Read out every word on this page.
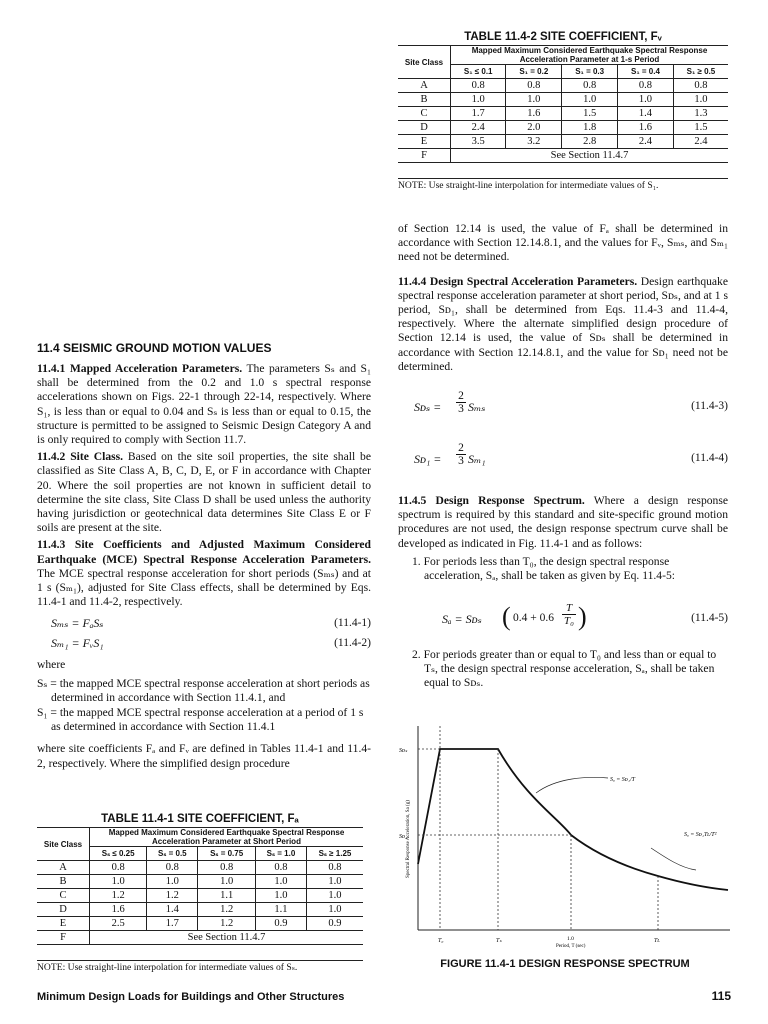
TABLE 11.4-2 SITE COEFFICIENT, Fᵥ
Site Class	Mapped Maximum Considered Earthquake Spectral Response Acceleration Parameter at 1-s Period				
	S₁ ≤ 0.1	S₁ = 0.2	S₁ = 0.3	S₁ = 0.4	S₁ ≥ 0.5
A	0.8	0.8	0.8	0.8	0.8
B	1.0	1.0	1.0	1.0	1.0
C	1.7	1.6	1.5	1.4	1.3
D	2.4	2.0	1.8	1.6	1.5
E	3.5	3.2	2.8	2.4	2.4
F	See Section 11.4.7				
NOTE: Use straight-line interpolation for intermediate values of S₁.
11.4 SEISMIC GROUND MOTION VALUES

11.4.1 Mapped Acceleration Parameters. The parameters Sₛ and S₁ shall be determined from the 0.2 and 1.0 s spectral response accelerations shown on Figs. 22-1 through 22-14, respectively. Where S₁, is less than or equal to 0.04 and Sₛ is less than or equal to 0.15, the structure is permitted to be assigned to Seismic Design Category A and is only required to comply with Section 11.7.

11.4.2 Site Class. Based on the site soil properties, the site shall be classified as Site Class A, B, C, D, E, or F in accordance with Chapter 20. Where the soil properties are not known in sufficient detail to determine the site class, Site Class D shall be used unless the authority having jurisdiction or geotechnical data determines Site Class E or F soils are present at the site.

11.4.3 Site Coefficients and Adjusted Maximum Considered Earthquake (MCE) Spectral Response Acceleration Parameters. The MCE spectral response acceleration for short periods (Sₘₛ) and at 1 s (Sₘ₁), adjusted for Site Class effects, shall be determined by Eqs. 11.4-1 and 11.4-2, respectively.

Sₘₛ = FₐSₛ	(11.4-1)
Sₘ₁ = FᵥS₁	(11.4-2)

where

Sₛ = the mapped MCE spectral response acceleration at short periods as determined in accordance with Section 11.4.1, and

S₁ = the mapped MCE spectral response acceleration at a period of 1 s as determined in accordance with Section 11.4.1

where site coefficients Fₐ and Fᵥ are defined in Tables 11.4-1 and 11.4-2, respectively. Where the simplified design procedure

TABLE 11.4-1 SITE COEFFICIENT, Fₐ
Site Class	Mapped Maximum Considered Earthquake Spectral Response Acceleration Parameter at Short Period				
	Sₛ ≤ 0.25	Sₛ = 0.5	Sₛ = 0.75	Sₛ = 1.0	Sₛ ≥ 1.25
A	0.8	0.8	0.8	0.8	0.8
B	1.0	1.0	1.0	1.0	1.0
C	1.2	1.2	1.1	1.0	1.0
D	1.6	1.4	1.2	1.1	1.0
E	2.5	1.7	1.2	0.9	0.9
F	See Section 11.4.7				
NOTE: Use straight-line interpolation for intermediate values of Sₛ.

of Section 12.14 is used, the value of Fₐ shall be determined in accordance with Section 12.14.8.1, and the values for Fᵥ, Sₘₛ, and Sₘ₁ need not be determined.

11.4.4 Design Spectral Acceleration Parameters. Design earthquake spectral response acceleration parameter at short period, Sᴅₛ, and at 1 s period, Sᴅ₁, shall be determined from Eqs. 11.4-3 and 11.4-4, respectively. Where the alternate simplified design procedure of Section 12.14 is used, the value of Sᴅₛ shall be determined in accordance with Section 12.14.8.1, and the value for Sᴅ₁ need not be determined.

Sᴅₛ = $\frac{2}{3}$ Sₘₛ	(11.4-3)
Sᴅ₁ = $\frac{2}{3} S_{m1}$	(11.4-4)

11.4.5 Design Response Spectrum. Where a design response spectrum is required by this standard and site-specific ground motion procedures are not used, the design response spectrum curve shall be developed as indicated in Fig. 11.4-1 and as follows:

1. For periods less than T₀, the design spectral response acceleration, Sₐ, shall be taken as given by Eq. 11.4-5:

Sₐ = Sᴅₛ ( $0.4 + 0.6 \frac{T}{\text{T₀}}$ )	(11.4-5)

2. For periods greater than or equal to T₀ and less than or equal to Tₛ, the design spectral response acceleration, Sₐ, shall be taken equal to Sᴅₛ.

Sᴅₛ
Sᴅ₁
T₀	Tₛ	1.0
Period, T (sec)
Tʟ
Sₐ = Sᴅ₁/T
Sₐ = Sᴅ₁Tʟ/T²
Spectral Response Acceleration, Sa (g)
FIGURE 11.4-1 DESIGN RESPONSE SPECTRUM
Minimum Design Loads for Buildings and Other Structures	115
